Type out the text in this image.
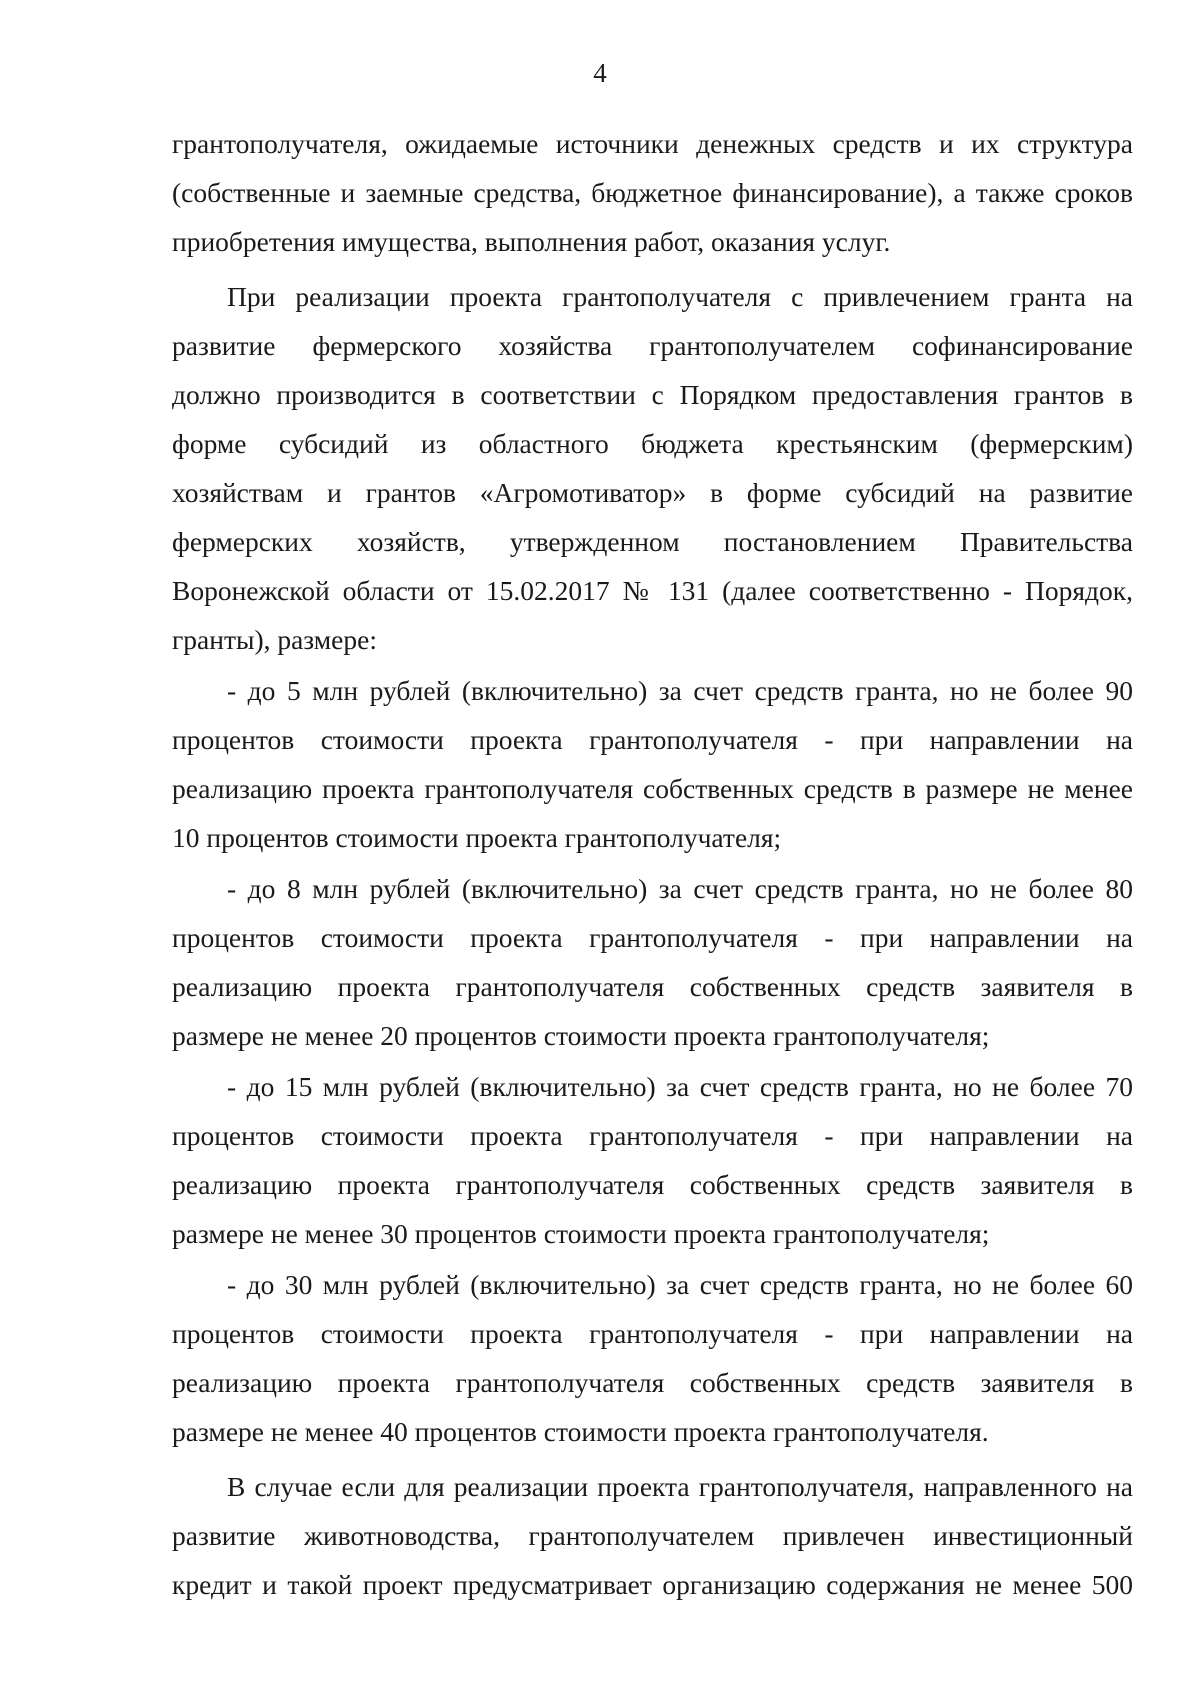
4
грантополучателя, ожидаемые источники денежных средств и их структура
(собственные и заемные средства, бюджетное финансирование), а также сроков
приобретения имущества, выполнения работ, оказания услуг.
При реализации проекта грантополучателя с привлечением гранта на
развитие фермерского хозяйства грантополучателем софинансирование
должно производится в соответствии с Порядком предоставления грантов в
форме субсидий из областного бюджета крестьянским (фермерским)
хозяйствам и грантов «Агромотиватор» в форме субсидий на развитие
фермерских хозяйств, утвержденном постановлением Правительства
Воронежской области от 15.02.2017 № 131 (далее соответственно - Порядок,
гранты), размере:
- до 5 млн рублей (включительно) за счет средств гранта, но не более 90
процентов стоимости проекта грантополучателя - при направлении на
реализацию проекта грантополучателя собственных средств в размере не менее
10 процентов стоимости проекта грантополучателя;
- до 8 млн рублей (включительно) за счет средств гранта, но не более 80
процентов стоимости проекта грантополучателя - при направлении на
реализацию проекта грантополучателя собственных средств заявителя в
размере не менее 20 процентов стоимости проекта грантополучателя;
- до 15 млн рублей (включительно) за счет средств гранта, но не более 70
процентов стоимости проекта грантополучателя - при направлении на
реализацию проекта грантополучателя собственных средств заявителя в
размере не менее 30 процентов стоимости проекта грантополучателя;
- до 30 млн рублей (включительно) за счет средств гранта, но не более 60
процентов стоимости проекта грантополучателя - при направлении на
реализацию проекта грантополучателя собственных средств заявителя в
размере не менее 40 процентов стоимости проекта грантополучателя.
В случае если для реализации проекта грантополучателя, направленного на
развитие животноводства, грантополучателем привлечен инвестиционный
кредит и такой проект предусматривает организацию содержания не менее 500
